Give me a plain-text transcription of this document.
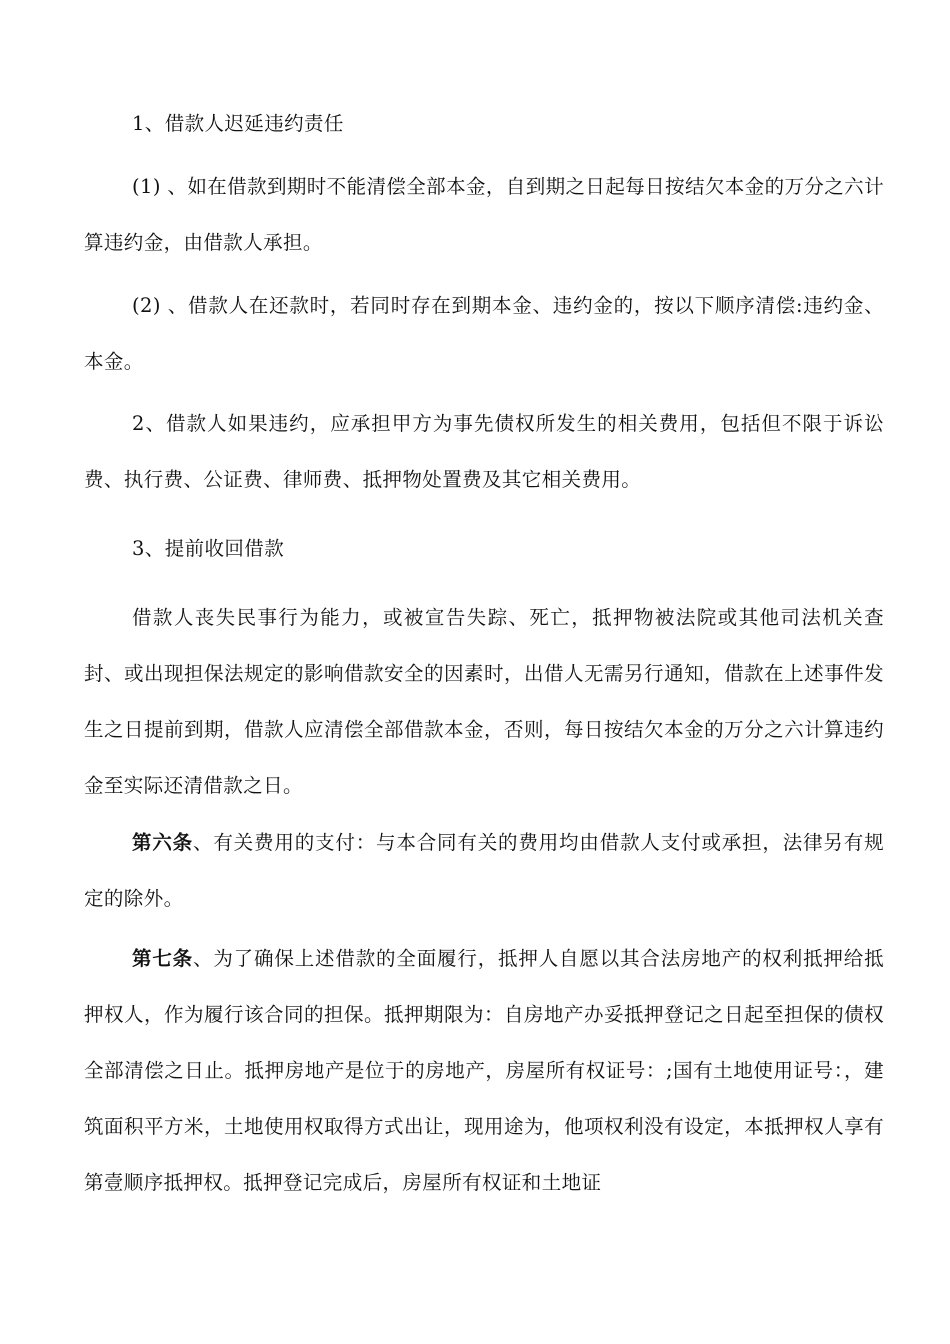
1、借款人迟延违约责任

(1) 、如在借款到期时不能清偿全部本金，自到期之日起每日按结欠本金的万分之六计算违约金，由借款人承担。

(2) 、借款人在还款时，若同时存在到期本金、违约金的，按以下顺序清偿:违约金、本金。

2、借款人如果违约，应承担甲方为事先债权所发生的相关费用，包括但不限于诉讼费、执行费、公证费、律师费、抵押物处置费及其它相关费用。

3、提前收回借款

借款人丧失民事行为能力，或被宣告失踪、死亡，抵押物被法院或其他司法机关查封、或出现担保法规定的影响借款安全的因素时，出借人无需另行通知，借款在上述事件发生之日提前到期，借款人应清偿全部借款本金，否则，每日按结欠本金的万分之六计算违约金至实际还清借款之日。

第六条、有关费用的支付：与本合同有关的费用均由借款人支付或承担，法律另有规定的除外。

第七条、为了确保上述借款的全面履行，抵押人自愿以其合法房地产的权利抵押给抵押权人，作为履行该合同的担保。抵押期限为：自房地产办妥抵押登记之日起至担保的债权全部清偿之日止。抵押房地产是位于的房地产，房屋所有权证号：;国有土地使用证号：，建筑面积平方米，土地使用权取得方式出让，现用途为，他项权利没有设定，本抵押权人享有第壹顺序抵押权。抵押登记完成后，房屋所有权证和土地证
